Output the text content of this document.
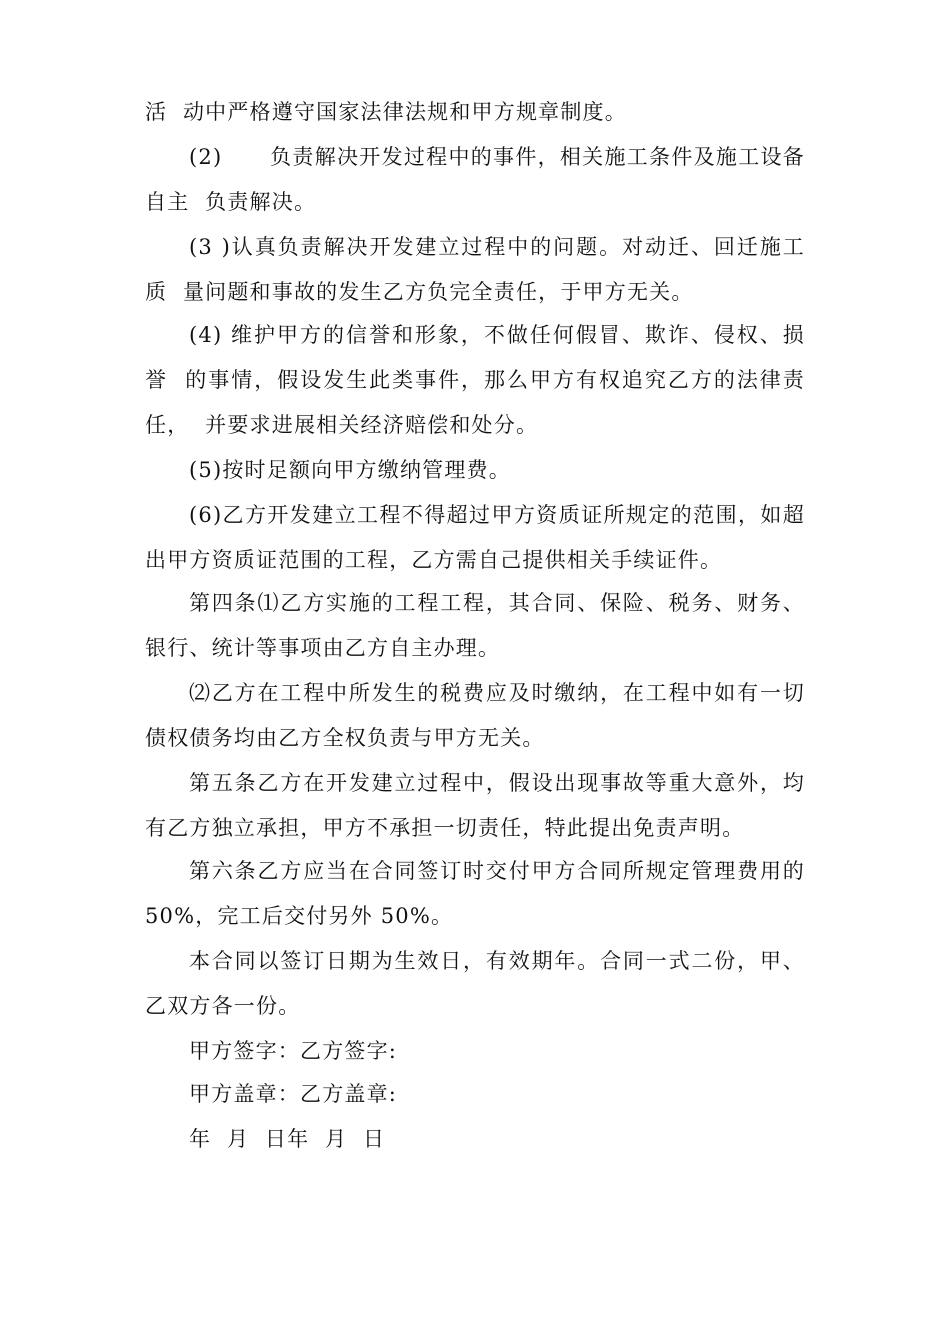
活  动中严格遵守国家法律法规和甲方规章制度。
(2)      负责解决开发过程中的事件，相关施工条件及施工设备
自主  负责解决。
(3 )认真负责解决开发建立过程中的问题。对动迁、回迁施工
质  量问题和事故的发生乙方负完全责任，于甲方无关。
(4) 维护甲方的信誉和形象，不做任何假冒、欺诈、侵权、损
誉  的事情，假设发生此类事件，那么甲方有权追究乙方的法律责
任，  并要求进展相关经济赔偿和处分。
(5)按时足额向甲方缴纳管理费。
(6)乙方开发建立工程不得超过甲方资质证所规定的范围，如超
出甲方资质证范围的工程，乙方需自己提供相关手续证件。
第四条⑴乙方实施的工程工程，其合同、保险、税务、财务、
银行、统计等事项由乙方自主办理。
⑵乙方在工程中所发生的税费应及时缴纳，在工程中如有一切
债权债务均由乙方全权负责与甲方无关。
第五条乙方在开发建立过程中，假设出现事故等重大意外，均
有乙方独立承担，甲方不承担一切责任，特此提出免责声明。
第六条乙方应当在合同签订时交付甲方合同所规定管理费用的
50%，完工后交付另外 50%。
本合同以签订日期为生效日，有效期年。合同一式二份，甲、
乙双方各一份。
甲方签字：乙方签字:
甲方盖章：乙方盖章:
年  月  日年  月  日
